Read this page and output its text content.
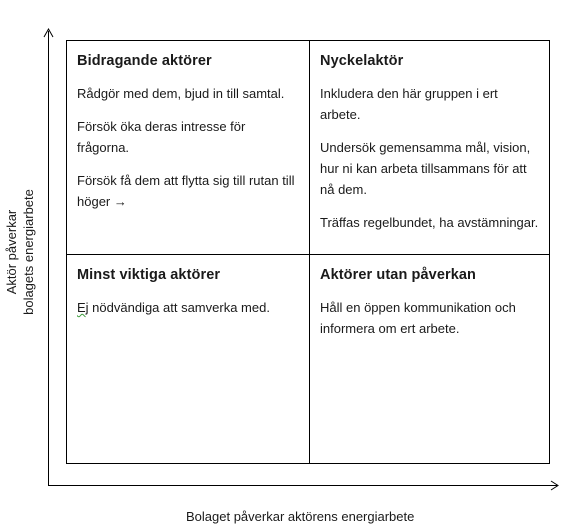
Bidragande aktörer

Rådgör med dem, bjud in till samtal.

Försök öka deras intresse för frågorna.

Försök få dem att flytta sig till rutan till höger →

Nyckelaktör

Inkludera den här gruppen i ert arbete.

Undersök gemensamma mål, vision, hur ni kan arbeta tillsammans för att nå dem.

Träffas regelbundet, ha avstämningar.

Minst viktiga aktörer

Ej nödvändiga att samverka med.

Aktörer utan påverkan

Håll en öppen kommunikation och informera om ert arbete.

Aktör påverkar bolagets energiarbete
Bolaget påverkar aktörens energiarbete
